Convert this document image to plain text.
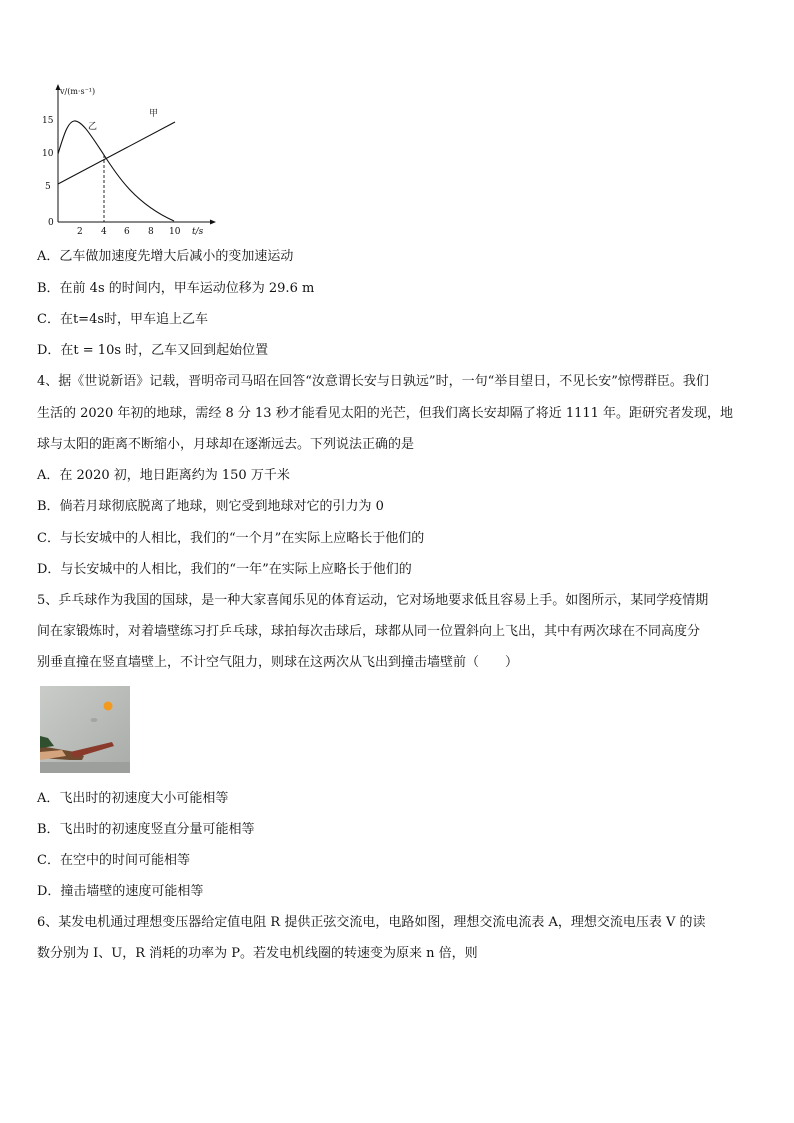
v/(m·s⁻¹)
t/s
15
10
5
0
2 4 6 8 10
甲
乙
A．乙车做加速度先增大后减小的变加速运动
B．在前 4s 的时间内，甲车运动位移为 29.6 m
C．在t=4s时，甲车追上乙车
D．在t = 10s 时，乙车又回到起始位置
4、据《世说新语》记载，晋明帝司马昭在回答“汝意谓长安与日孰远”时，一句“举目望日，不见长安”惊愕群臣。我们
生活的 2020 年初的地球，需经 8 分 13 秒才能看见太阳的光芒，但我们离长安却隔了将近 1111 年。距研究者发现，地
球与太阳的距离不断缩小，月球却在逐渐远去。下列说法正确的是
A．在 2020 初，地日距离约为 150 万千米
B．倘若月球彻底脱离了地球，则它受到地球对它的引力为 0
C．与长安城中的人相比，我们的“一个月”在实际上应略长于他们的
D．与长安城中的人相比，我们的“一年”在实际上应略长于他们的
5、乒乓球作为我国的国球，是一种大家喜闻乐见的体育运动，它对场地要求低且容易上手。如图所示，某同学疫情期
间在家锻炼时，对着墙壁练习打乒乓球，球拍每次击球后，球都从同一位置斜向上飞出，其中有两次球在不同高度分
别垂直撞在竖直墙壁上，不计空气阻力，则球在这两次从飞出到撞击墙壁前（　　）
A．飞出时的初速度大小可能相等
B．飞出时的初速度竖直分量可能相等
C．在空中的时间可能相等
D．撞击墙壁的速度可能相等
6、某发电机通过理想变压器给定值电阻 R 提供正弦交流电，电路如图，理想交流电流表 A，理想交流电压表 V 的读
数分别为 I、U，R 消耗的功率为 P。若发电机线圈的转速变为原来 n 倍，则
